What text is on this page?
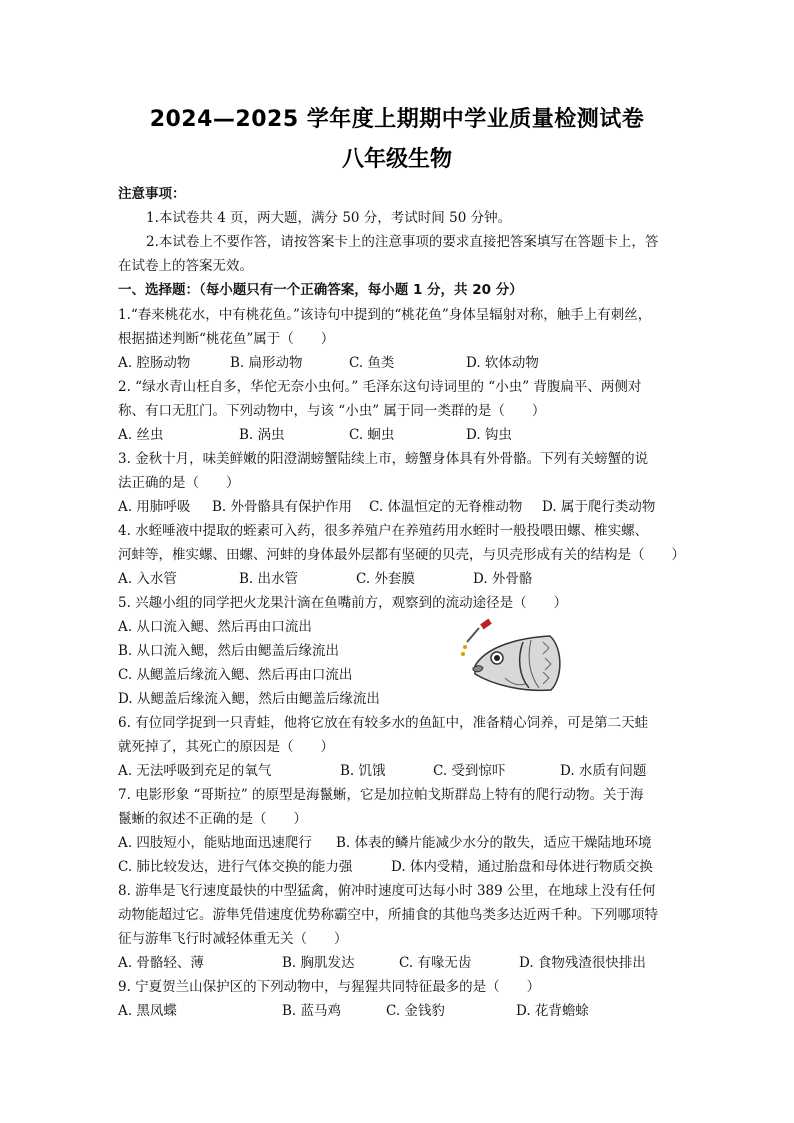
2024—2025 学年度上期期中学业质量检测试卷
八年级生物
注意事项：
1.本试卷共 4 页，两大题，满分 50 分，考试时间 50 分钟。
2.本试卷上不要作答，请按答案卡上的注意事项的要求直接把答案填写在答题卡上，答
在试卷上的答案无效。
一、选择题：（每小题只有一个正确答案，每小题 1 分，共 20 分）
1.“春来桃花水，中有桃花鱼。”该诗句中提到的“桃花鱼”身体呈辐射对称，触手上有刺丝，
根据描述判断“桃花鱼”属于（　　）
A. 腔肠动物	B. 扁形动物	C. 鱼类	D. 软体动物
2. “绿水青山枉自多，华佗无奈小虫何。” 毛泽东这句诗词里的 “小虫” 背腹扁平、两侧对
称、有口无肛门。下列动物中，与该 “小虫” 属于同一类群的是（　　）
A. 丝虫	B. 涡虫	C. 蛔虫	D. 钩虫
3. 金秋十月，味美鲜嫩的阳澄湖螃蟹陆续上市，螃蟹身体具有外骨骼。下列有关螃蟹的说
法正确的是（　　）
A. 用肺呼吸 B. 外骨骼具有保护作用 C. 体温恒定的无脊椎动物 D. 属于爬行类动物
4. 水蛭唾液中提取的蛭素可入药，很多养殖户在养殖药用水蛭时一般投喂田螺、椎实螺、
河蚌等，椎实螺、田螺、河蚌的身体最外层都有坚硬的贝壳，与贝壳形成有关的结构是（　　）
A. 入水管	B. 出水管	C. 外套膜	D. 外骨骼
5. 兴趣小组的同学把火龙果汁滴在鱼嘴前方，观察到的流动途径是（　　）
A. 从口流入鳃、然后再由口流出
B. 从口流入鳃，然后由鳃盖后缘流出
C. 从鳃盖后缘流入鳃、然后再由口流出
D. 从鳃盖后缘流入鳃，然后由鳃盖后缘流出
6. 有位同学捉到一只青蛙，他将它放在有较多水的鱼缸中，准备精心饲养，可是第二天蛙
就死掉了，其死亡的原因是（　　）
A. 无法呼吸到充足的氧气	B. 饥饿	C. 受到惊吓	D. 水质有问题
7. 电影形象 “哥斯拉” 的原型是海鬣蜥，它是加拉帕戈斯群岛上特有的爬行动物。关于海
鬣蜥的叙述不正确的是（　　）
A. 四肢短小，能贴地面迅速爬行 B. 体表的鳞片能减少水分的散失，适应干燥陆地环境
C. 肺比较发达，进行气体交换的能力强	D. 体内受精，通过胎盘和母体进行物质交换
8. 游隼是飞行速度最快的中型猛禽，俯冲时速度可达每小时 389 公里，在地球上没有任何
动物能超过它。游隼凭借速度优势称霸空中，所捕食的其他鸟类多达近两千种。下列哪项特
征与游隼飞行时减轻体重无关（　　）
A. 骨骼轻、薄	B. 胸肌发达	C. 有喙无齿	D. 食物残渣很快排出
9. 宁夏贺兰山保护区的下列动物中，与猩猩共同特征最多的是（　　）
A. 黑凤蝶	B. 蓝马鸡	C. 金钱豹	D. 花背蟾蜍
